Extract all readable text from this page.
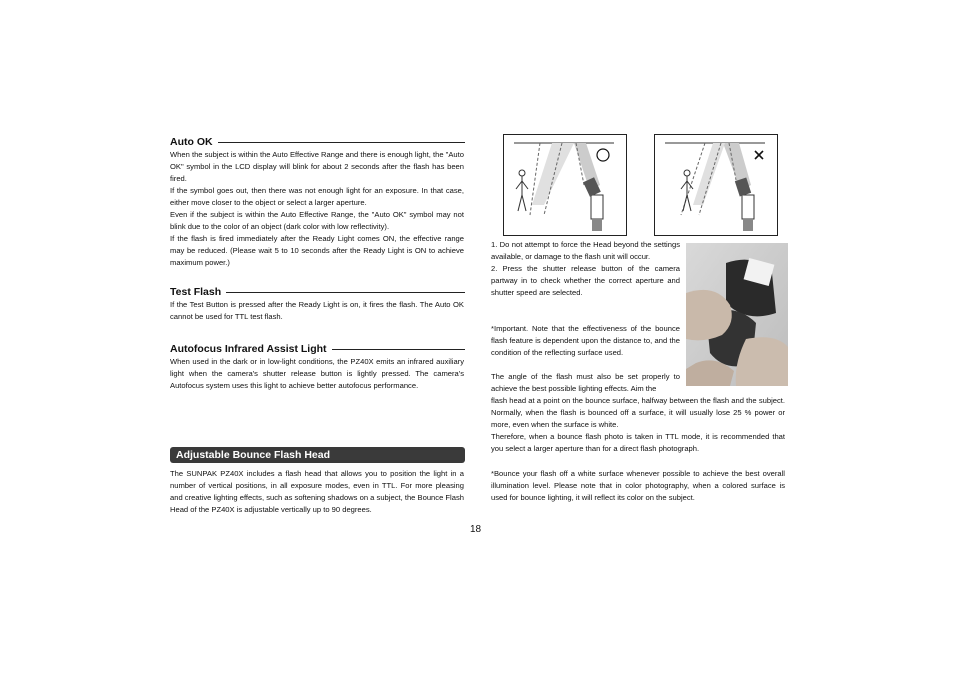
Auto OK

When the subject is within the Auto Effective Range and there is enough light, the "Auto OK" symbol in the LCD display will blink for about 2 seconds after the flash has been fired.

If the symbol goes out, then there was not enough light for an exposure. In that case, either move closer to the object or select a larger aperture.

Even if the subject is within the Auto Effective Range, the "Auto OK" symbol may not blink due to the color of an object (dark color with low reflectivity).

If the flash is fired immediately after the Ready Light comes ON, the effective range may be reduced. (Please wait 5 to 10 seconds after the Ready Light is ON to achieve maximum power.)

Test Flash

If the Test Button is pressed after the Ready Light is on, it fires the flash. The Auto OK cannot be used for TTL test flash.

Autofocus Infrared Assist Light

When used in the dark or in low-light conditions, the PZ40X emits an infrared auxiliary light when the camera's shutter release button is lightly pressed. The camera's Autofocus system uses this light to achieve better autofocus performance.

Adjustable Bounce Flash Head

The SUNPAK PZ40X includes a flash head that allows you to position the light in a number of vertical positions, in all exposure modes, even in TTL. For more pleasing and creative lighting effects, such as softening shadows on a subject, the Bounce Flash Head of the PZ40X is adjustable vertically up to 90 degrees.

1. Do not attempt to force the Head beyond the settings available, or damage to the flash unit will occur.

2. Press the shutter release button of the camera partway in to check whether the correct aperture and shutter speed are selected.

*Important. Note that the effectiveness of the bounce flash feature is dependent upon the distance to, and the condition of the reflecting surface used.
The angle of the flash must also be set properly to achieve the best possible lighting effects. Aim the

flash head at a point on the bounce surface, halfway between the flash and the subject. Normally, when the flash is bounced off a surface, it will usually lose 25 % power or more, even when the surface is white.

Therefore, when a bounce flash photo is taken in TTL mode, it is recommended that you select a larger aperture than for a direct flash photograph.

*Bounce your flash off a white surface whenever possible to achieve the best overall illumination level. Please note that in color photography, when a colored surface is used for bounce lighting, it will reflect its color on the subject.
18
